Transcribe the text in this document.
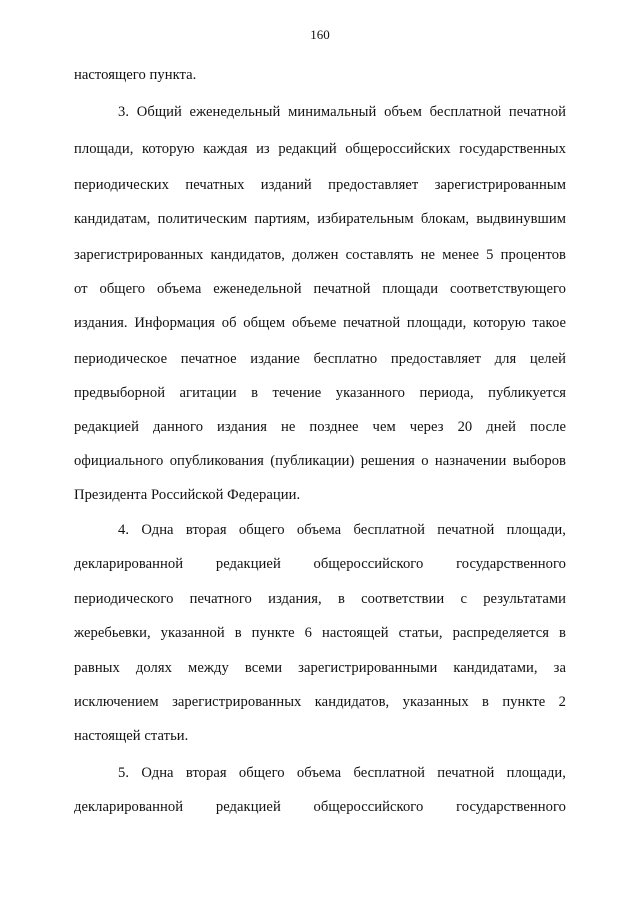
160
настоящего пункта.
3. Общий еженедельный минимальный объем бесплатной печатной
площади, которую каждая из редакций общероссийских государственных
периодических печатных изданий предоставляет зарегистрированным
кандидатам, политическим партиям, избирательным блокам, выдвинувшим
зарегистрированных кандидатов, должен составлять не менее 5 процентов
от общего объема еженедельной печатной площади соответствующего
издания. Информация об общем объеме печатной площади, которую такое
периодическое печатное издание бесплатно предоставляет для целей
предвыборной агитации в течение указанного периода, публикуется
редакцией данного издания не позднее чем через 20 дней после
официального опубликования (публикации) решения о назначении выборов
Президента Российской Федерации.
4. Одна вторая общего объема бесплатной печатной площади,
декларированной редакцией общероссийского государственного
периодического печатного издания, в соответствии с результатами
жеребьевки, указанной в пункте 6 настоящей статьи, распределяется в
равных долях между всеми зарегистрированными кандидатами, за
исключением зарегистрированных кандидатов, указанных в пункте 2
настоящей статьи.
5. Одна вторая общего объема бесплатной печатной площади,
декларированной редакцией общероссийского государственного
